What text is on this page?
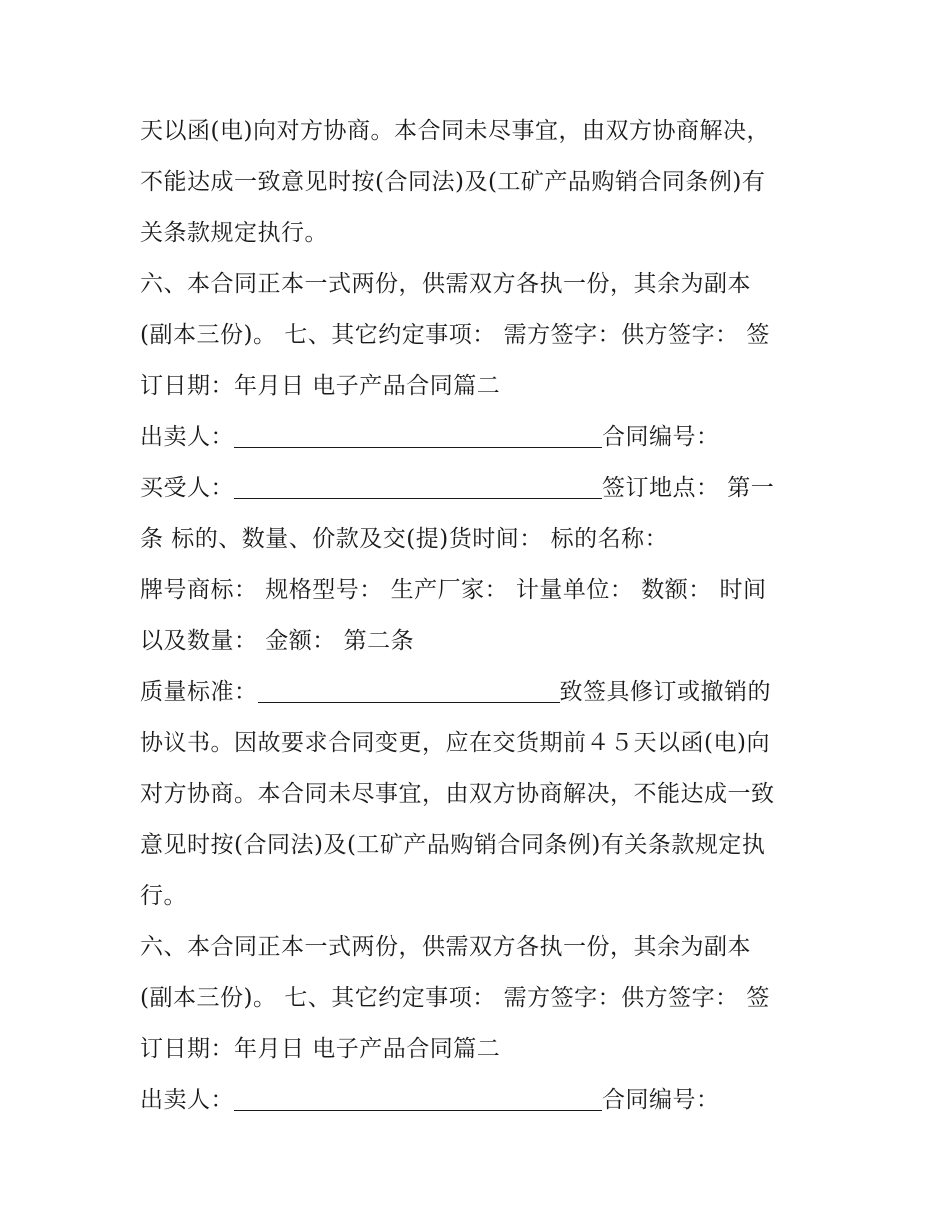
天以函(电)向对方协商。本合同未尽事宜，由双方协商解决，
不能达成一致意见时按(合同法)及(工矿产品购销合同条例)有
关条款规定执行。
六、本合同正本一式两份，供需双方各执一份，其余为副本
(副本三份)。 七、其它约定事项： 需方签字：供方签字： 签
订日期：年月日 电子产品合同篇二
出卖人：	合同编号：
买受人：	签订地点： 第一
条 标的、数量、价款及交(提)货时间： 标的名称：
牌号商标： 规格型号： 生产厂家： 计量单位： 数额： 时间
以及数量： 金额： 第二条
质量标准：	致签具修订或撤销的
协议书。因故要求合同变更，应在交货期前４５天以函(电)向
对方协商。本合同未尽事宜，由双方协商解决，不能达成一致
意见时按(合同法)及(工矿产品购销合同条例)有关条款规定执
行。
六、本合同正本一式两份，供需双方各执一份，其余为副本
(副本三份)。 七、其它约定事项： 需方签字：供方签字： 签
订日期：年月日 电子产品合同篇二
出卖人：	合同编号：
